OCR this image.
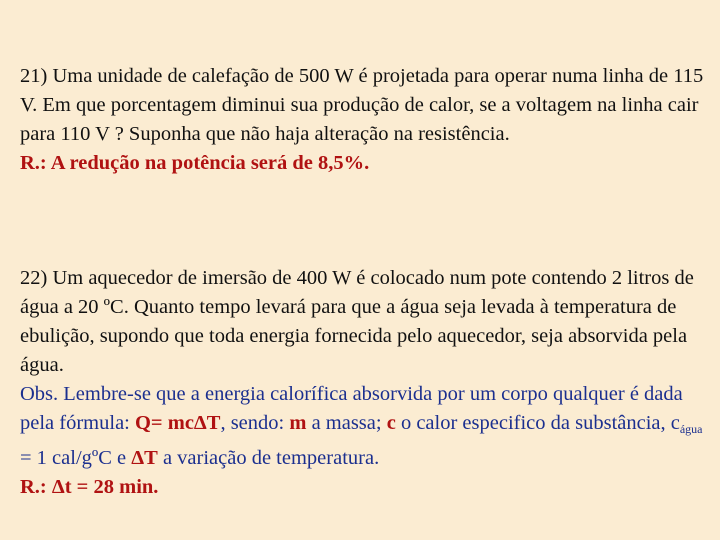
21) Uma unidade de calefação de 500 W é projetada para operar numa linha de 115 V. Em que porcentagem diminui sua produção de calor, se a voltagem na linha cair para 110 V ? Suponha que não haja alteração na resistência.

R.: A redução na potência será de 8,5%.

22) Um aquecedor de imersão de 400 W é colocado num pote contendo 2 litros de água a 20 ºC. Quanto tempo levará para que a água seja levada à temperatura de ebulição, supondo que toda energia fornecida pelo aquecedor, seja absorvida pela água.

Obs. Lembre-se que a energia calorífica absorvida por um corpo qualquer é dada pela fórmula: Q= mcΔT, sendo: m a massa; c o calor especifico da substância, $c_{água} = 1$ cal/gºC e ΔT a variação de temperatura.

R.: Δt = 28 min.
